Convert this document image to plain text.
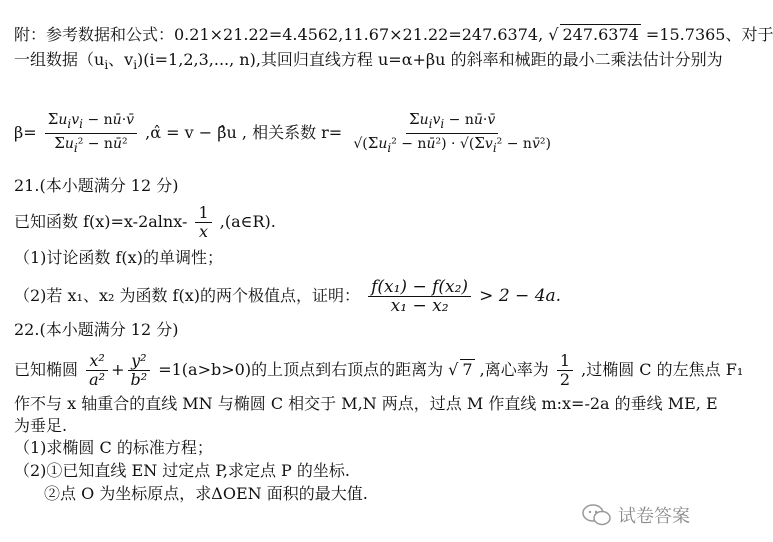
附：参考数据和公式：0.21×21.22=4.4562,11.67×21.22=247.6374, √ 247.6374 =15.7365、对于
一组数据（$u_i$、$v_i)(i=1,2,3$,..., n),其回归直线方程 u=α+βu 的斜率和械距的最小二乘法估计分别为
$\beta= \frac{\Sigma u_iv_i - nū\cdot v̄}{\Sigma u_i^2 - nū^2}$ ,α̂ = v − β̂u , 相关系数 $r= \frac{\Sigma u_iv_i - nū\cdot v̄}{√(\Sigma u_i^2 - nū^2) \cdot √(\Sigma v_i^2 - nv̄^2)}$
21.(本小题满分 12 分)
已知函数 $f(x)=x-2alnx- \frac{1}{x}$ ,(a∈R).
（1)讨论函数 f(x)的单调性；
（2)若 x₁、x₂ 为函数 f(x)的两个极值点，证明： $\frac{\text{f(x₁) − f(x₂)}}{\text{x₁ − x₂}} > 2 - 4a$.
22.(本小题满分 12 分)
已知椭圆 $\frac{\text{x²}}{\text{a²}} + \frac{\text{y²}}{\text{b²}} =1(a>b>0)$的上顶点到右顶点的距离为 √ 7 ,离心率为 $\frac{1}{2}$ ,过椭圆 C 的左焦点 F₁
作不与 x 轴重合的直线 MN 与椭圆 C 相交于 M,N 两点，过点 M 作直线 m:x=-2a 的垂线 ME, E
为垂足.
（1)求椭圆 C 的标准方程；
（2)①已知直线 EN 过定点 P,求定点 P 的坐标.
②点 O 为坐标原点，求ΔOEN 面积的最大值.
试卷答案
